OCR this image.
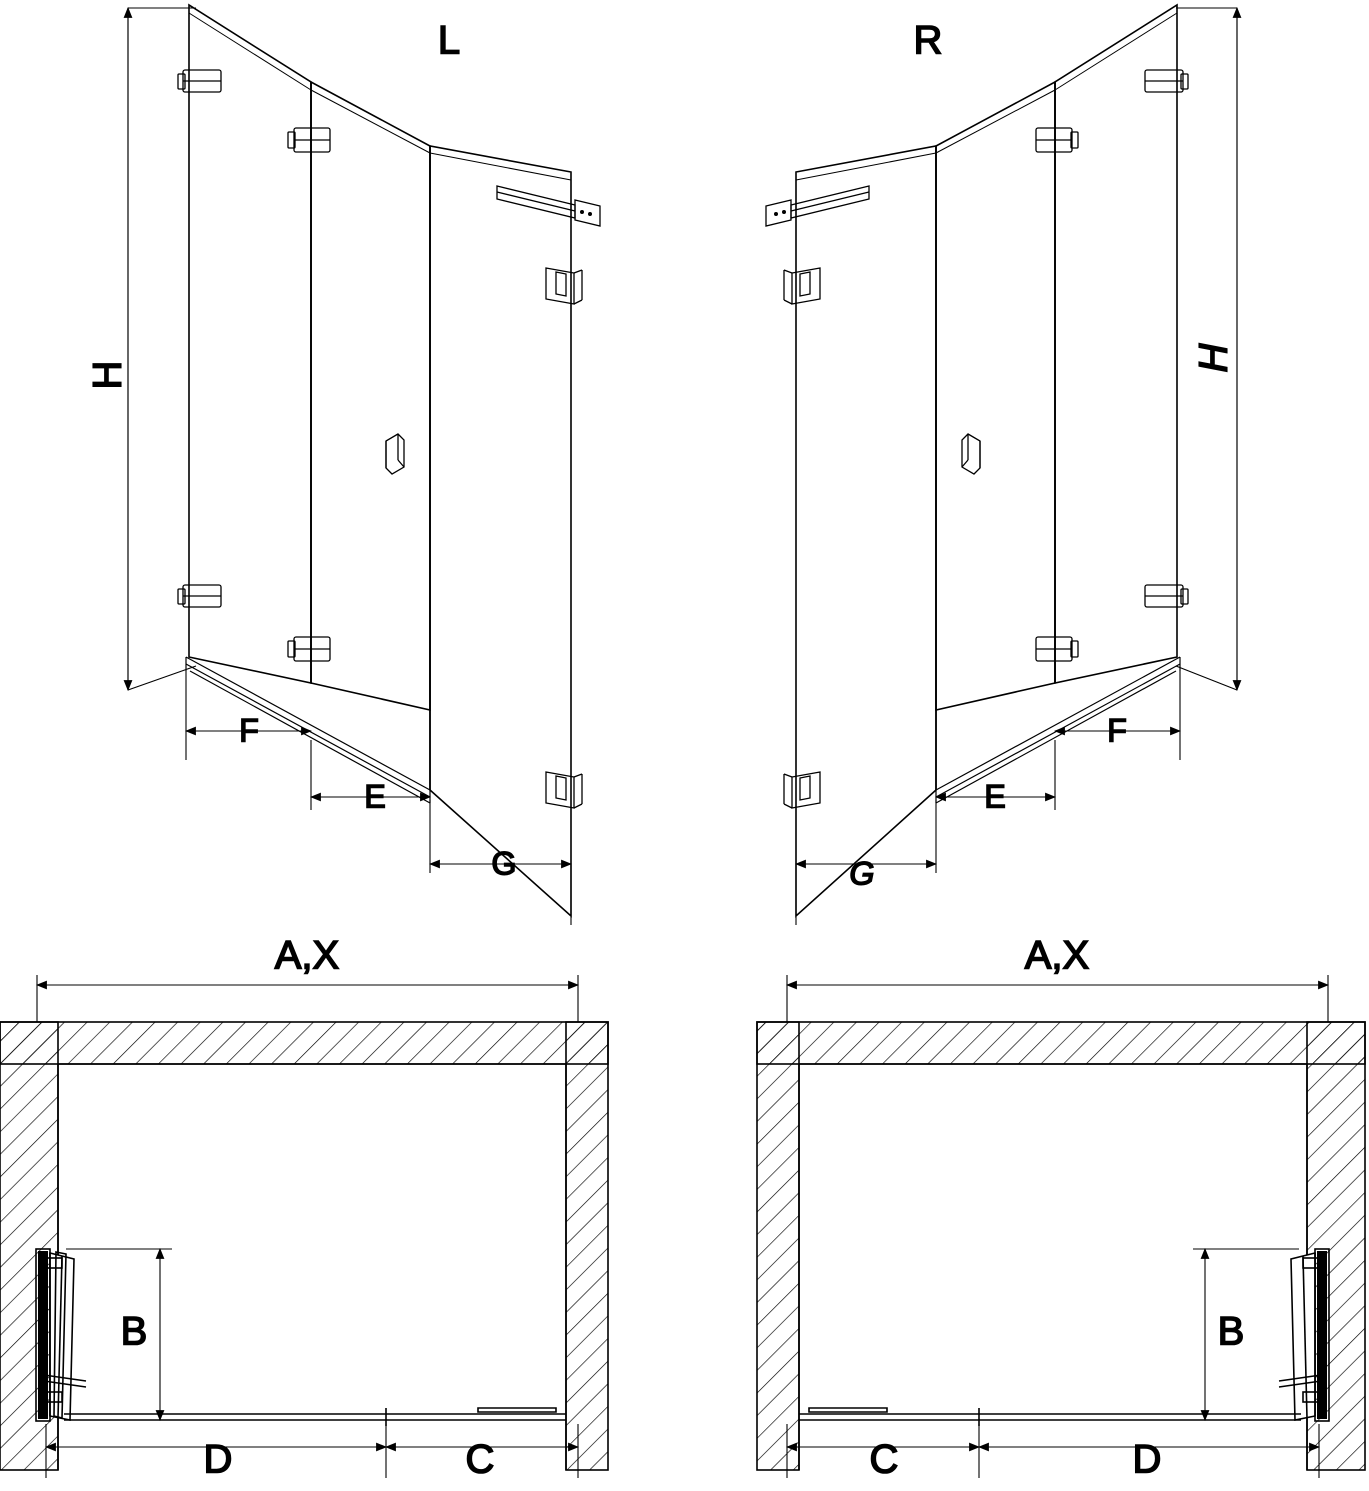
H
L
F
E
G
H
R
F
E
G
A,X
B
D	C
A,X
B
D
C
